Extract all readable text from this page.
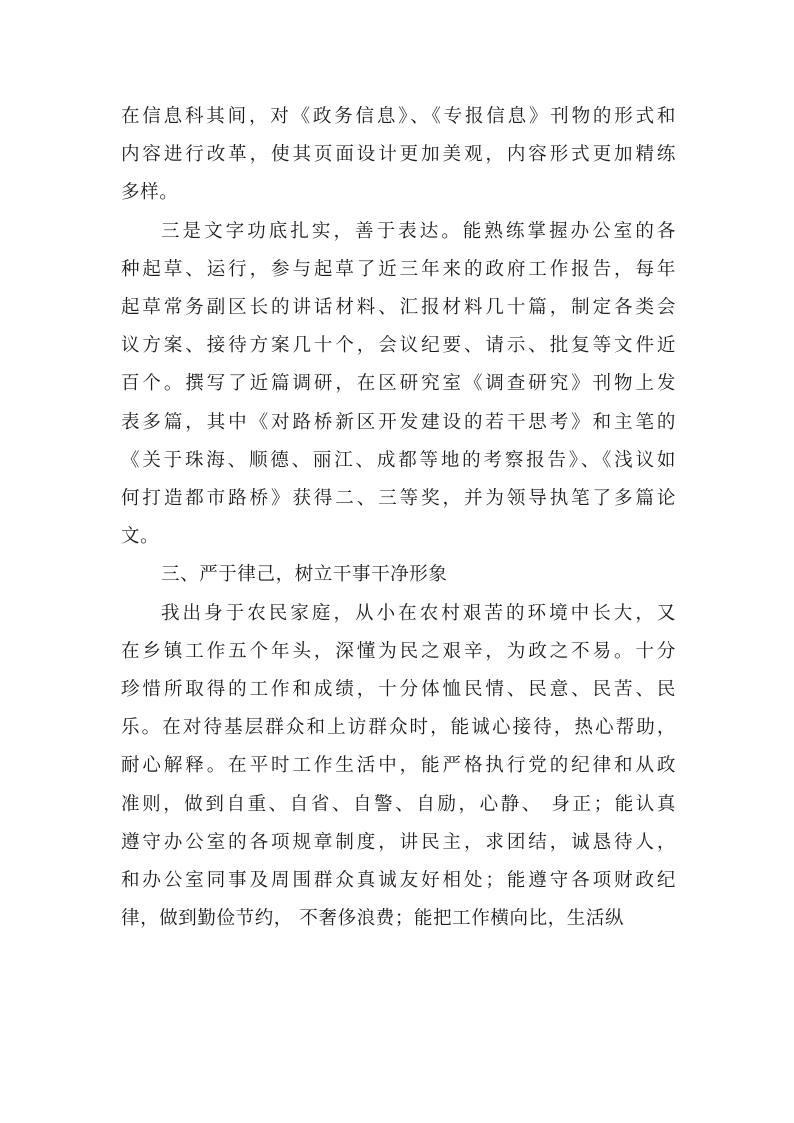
在信息科其间，对《政务信息》、《专报信息》刊物的形式和
内容进行改革，使其页面设计更加美观，内容形式更加精练
多样。
三是文字功底扎实，善于表达。能熟练掌握办公室的各
种起草、运行，参与起草了近三年来的政府工作报告，每年
起草常务副区长的讲话材料、汇报材料几十篇，制定各类会
议方案、接待方案几十个，会议纪要、请示、批复等文件近
百个。撰写了近篇调研，在区研究室《调查研究》刊物上发
表多篇，其中《对路桥新区开发建设的若干思考》和主笔的
《关于珠海、顺德、丽江、成都等地的考察报告》、《浅议如
何打造都市路桥》获得二、三等奖，并为领导执笔了多篇论
文。
三、严于律己，树立干事干净形象
我出身于农民家庭，从小在农村艰苦的环境中长大，又
在乡镇工作五个年头，深懂为民之艰辛，为政之不易。十分
珍惜所取得的工作和成绩，十分体恤民情、民意、民苦、民
乐。在对待基层群众和上访群众时，能诚心接待，热心帮助，
耐心解释。在平时工作生活中，能严格执行党的纪律和从政
准则，做到自重、自省、自警、自励，心静、 身正；能认真
遵守办公室的各项规章制度，讲民主，求团结，诚恳待人，
和办公室同事及周围群众真诚友好相处；能遵守各项财政纪
律，做到勤俭节约， 不奢侈浪费；能把工作横向比，生活纵
